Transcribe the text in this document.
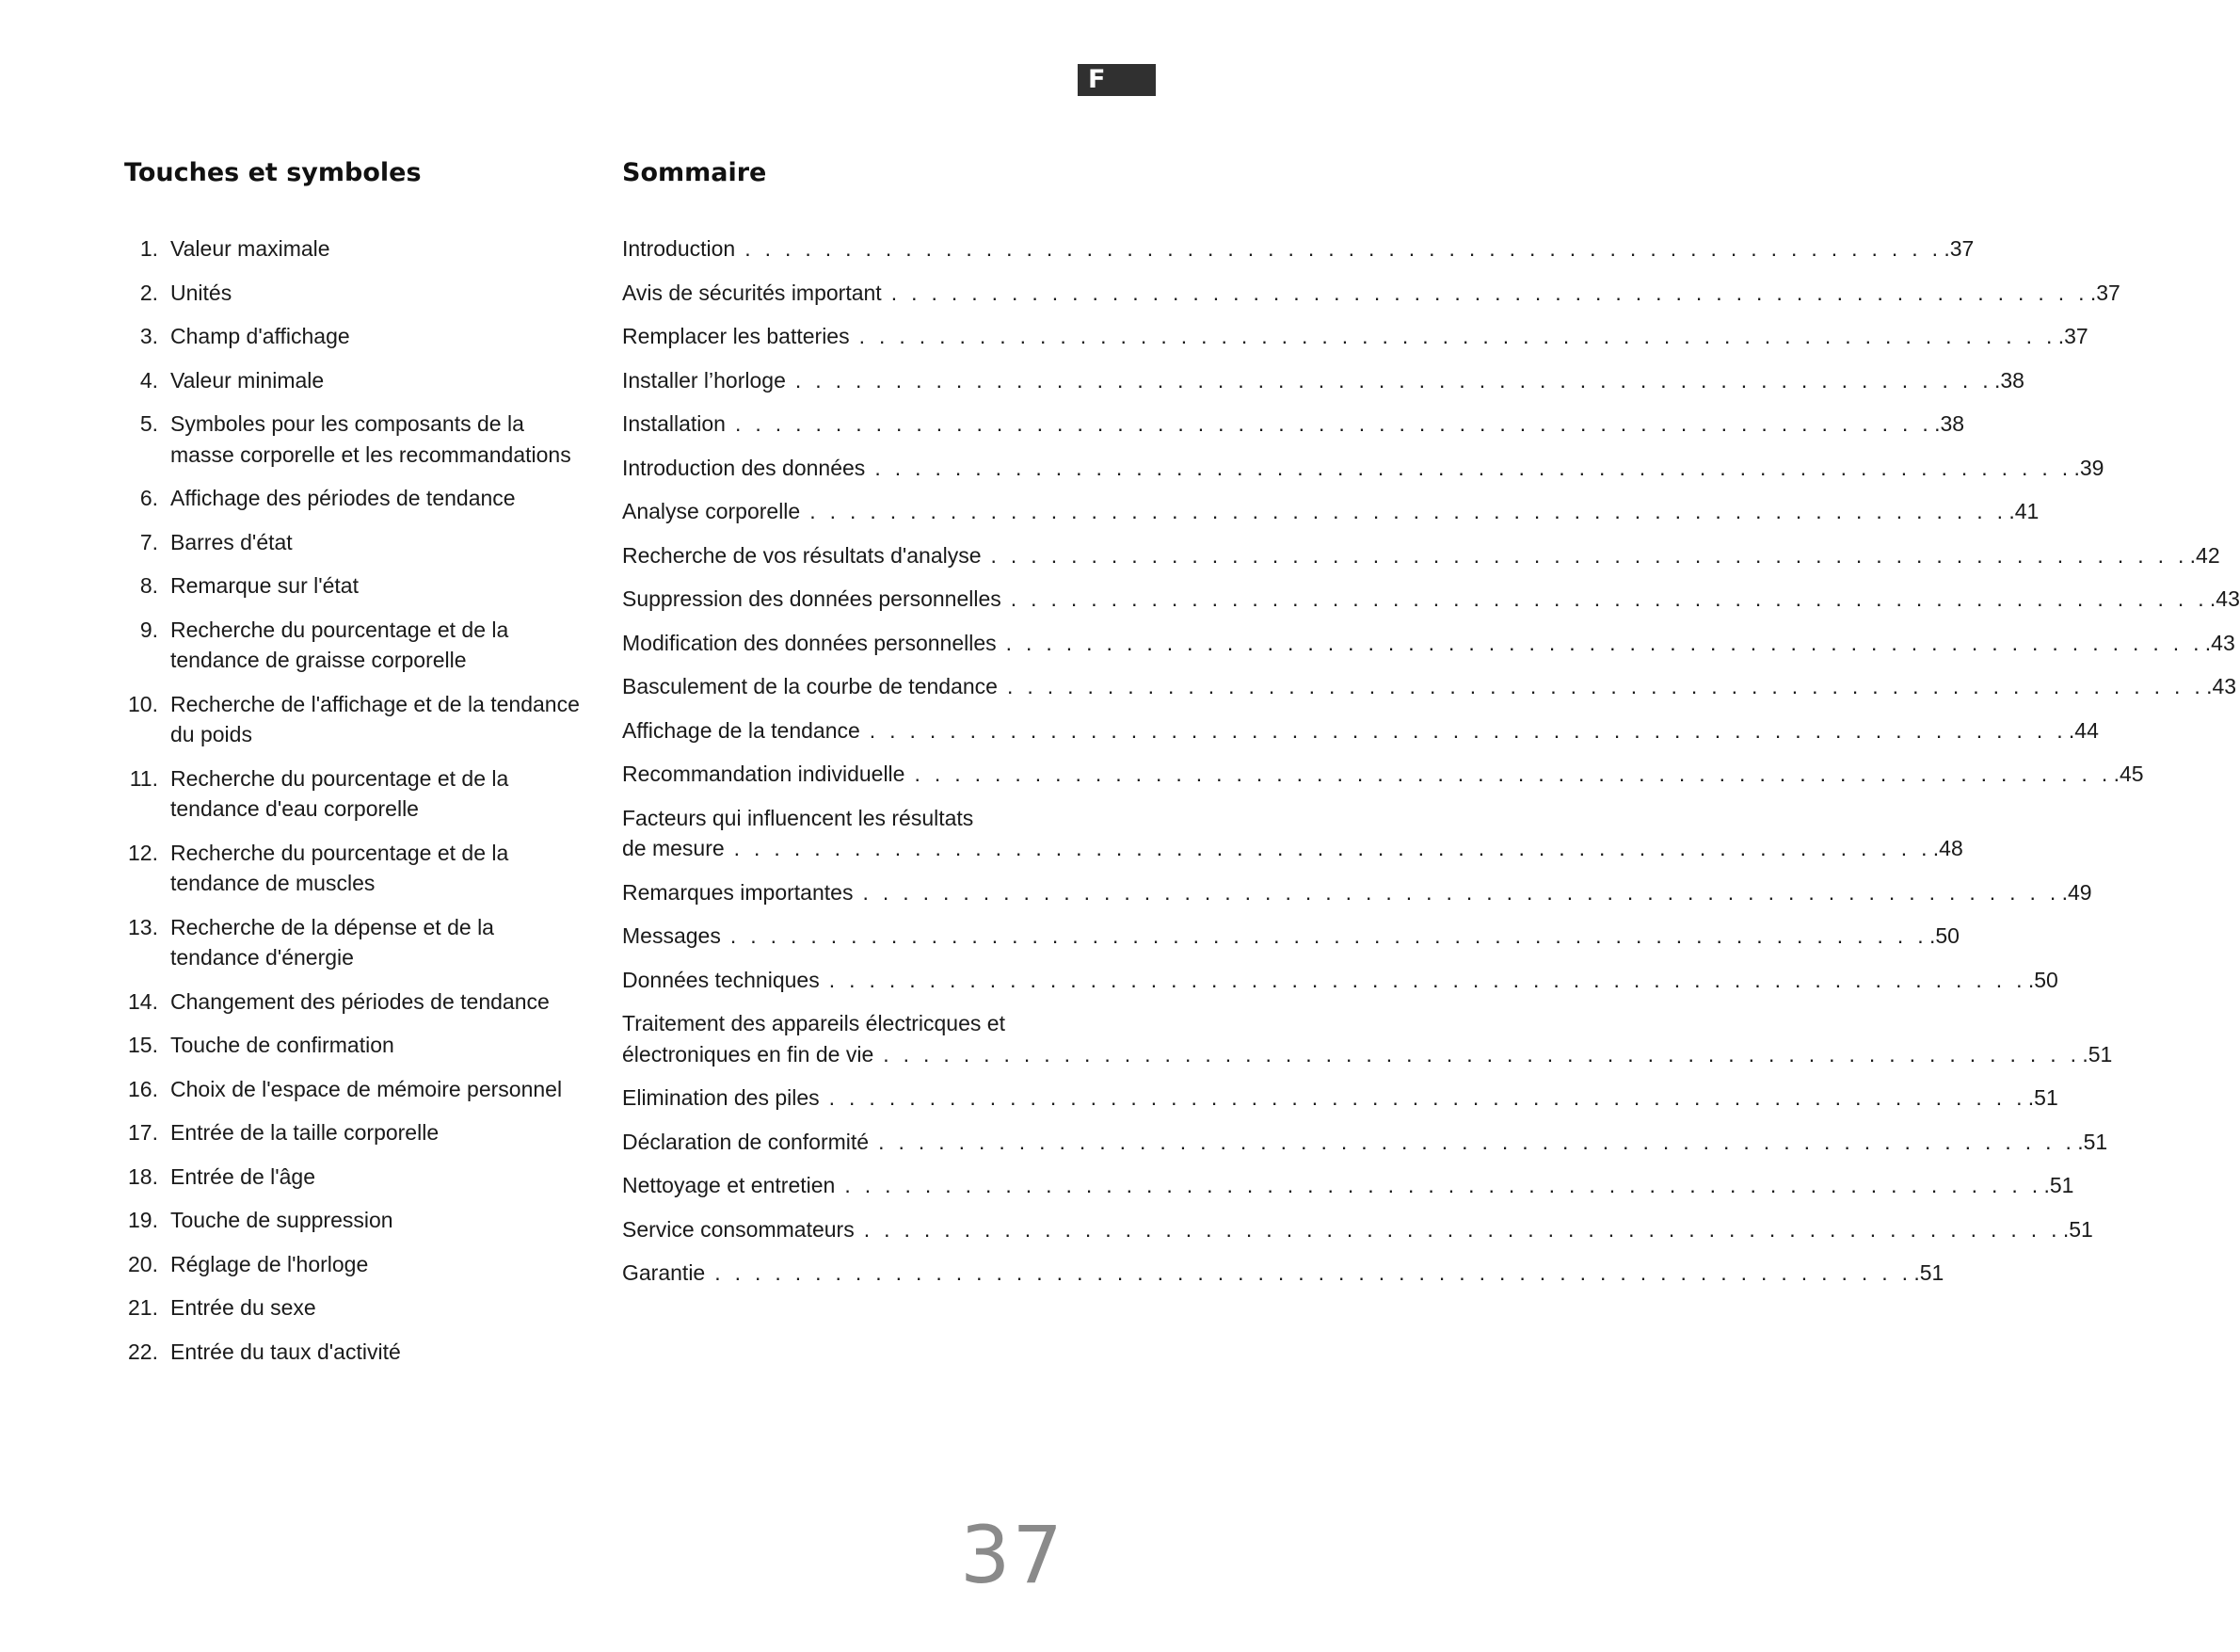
F
Touches et symboles
1. Valeur maximale
2. Unités
3. Champ d'affichage
4. Valeur minimale
5. Symboles pour les composants de la masse corporelle et les recommandations
6. Affichage des périodes de tendance
7. Barres d'état
8. Remarque sur l'état
9. Recherche du pourcentage et de la tendance de graisse corporelle
10. Recherche de l'affichage et de la tendance du poids
11. Recherche du pourcentage et de la tendance d'eau corporelle
12. Recherche du pourcentage et de la tendance de muscles
13. Recherche de la dépense et de la tendance d'énergie
14. Changement des périodes de tendance
15. Touche de confirmation
16. Choix de l'espace de mémoire personnel
17. Entrée de la taille corporelle
18. Entrée de l'âge
19. Touche de suppression
20. Réglage de l'horloge
21. Entrée du sexe
22. Entrée du taux d'activité
Sommaire
Introduction . . . . . . . . . . . . . . . . . . . . . . . . . . . . . . . . . . . . . . . . . . . . . . . . . . . . . . . . . . . . .37
Avis de sécurités important . . . . . . . . . . . . . . . . . . . . . . . . . . . . . . . . . . . . . . . . . . . . . . . . . . . . . . . . . . . . .37
Remplacer les batteries . . . . . . . . . . . . . . . . . . . . . . . . . . . . . . . . . . . . . . . . . . . . . . . . . . . . . . . . . . . . .37
Installer l’horloge . . . . . . . . . . . . . . . . . . . . . . . . . . . . . . . . . . . . . . . . . . . . . . . . . . . . . . . . . . . . .38
Installation . . . . . . . . . . . . . . . . . . . . . . . . . . . . . . . . . . . . . . . . . . . . . . . . . . . . . . . . . . . . .38
Introduction des données . . . . . . . . . . . . . . . . . . . . . . . . . . . . . . . . . . . . . . . . . . . . . . . . . . . . . . . . . . . . .39
Analyse corporelle . . . . . . . . . . . . . . . . . . . . . . . . . . . . . . . . . . . . . . . . . . . . . . . . . . . . . . . . . . . . .41
Recherche de vos résultats d'analyse . . . . . . . . . . . . . . . . . . . . . . . . . . . . . . . . . . . . . . . . . . . . . . . . . . . . . . . . . . . . .42
Suppression des données personnelles . . . . . . . . . . . . . . . . . . . . . . . . . . . . . . . . . . . . . . . . . . . . . . . . . . . . . . . . . . . . .43
Modification des données personnelles . . . . . . . . . . . . . . . . . . . . . . . . . . . . . . . . . . . . . . . . . . . . . . . . . . . . . . . . . . . . .43
Basculement de la courbe de tendance . . . . . . . . . . . . . . . . . . . . . . . . . . . . . . . . . . . . . . . . . . . . . . . . . . . . . . . . . . . . .43
Affichage de la tendance . . . . . . . . . . . . . . . . . . . . . . . . . . . . . . . . . . . . . . . . . . . . . . . . . . . . . . . . . . . . .44
Recommandation individuelle . . . . . . . . . . . . . . . . . . . . . . . . . . . . . . . . . . . . . . . . . . . . . . . . . . . . . . . . . . . . .45
Facteurs qui influencent les résultats
de mesure . . . . . . . . . . . . . . . . . . . . . . . . . . . . . . . . . . . . . . . . . . . . . . . . . . . . . . . . . . . . .48
Remarques importantes . . . . . . . . . . . . . . . . . . . . . . . . . . . . . . . . . . . . . . . . . . . . . . . . . . . . . . . . . . . . .49
Messages . . . . . . . . . . . . . . . . . . . . . . . . . . . . . . . . . . . . . . . . . . . . . . . . . . . . . . . . . . . . .50
Données techniques . . . . . . . . . . . . . . . . . . . . . . . . . . . . . . . . . . . . . . . . . . . . . . . . . . . . . . . . . . . . .50
Traitement des appareils électricques et
électroniques en fin de vie . . . . . . . . . . . . . . . . . . . . . . . . . . . . . . . . . . . . . . . . . . . . . . . . . . . . . . . . . . . . .51
Elimination des piles . . . . . . . . . . . . . . . . . . . . . . . . . . . . . . . . . . . . . . . . . . . . . . . . . . . . . . . . . . . . .51
Déclaration de conformité . . . . . . . . . . . . . . . . . . . . . . . . . . . . . . . . . . . . . . . . . . . . . . . . . . . . . . . . . . . . .51
Nettoyage et entretien . . . . . . . . . . . . . . . . . . . . . . . . . . . . . . . . . . . . . . . . . . . . . . . . . . . . . . . . . . . . .51
Service consommateurs . . . . . . . . . . . . . . . . . . . . . . . . . . . . . . . . . . . . . . . . . . . . . . . . . . . . . . . . . . . . .51
Garantie . . . . . . . . . . . . . . . . . . . . . . . . . . . . . . . . . . . . . . . . . . . . . . . . . . . . . . . . . . . . .51
37
